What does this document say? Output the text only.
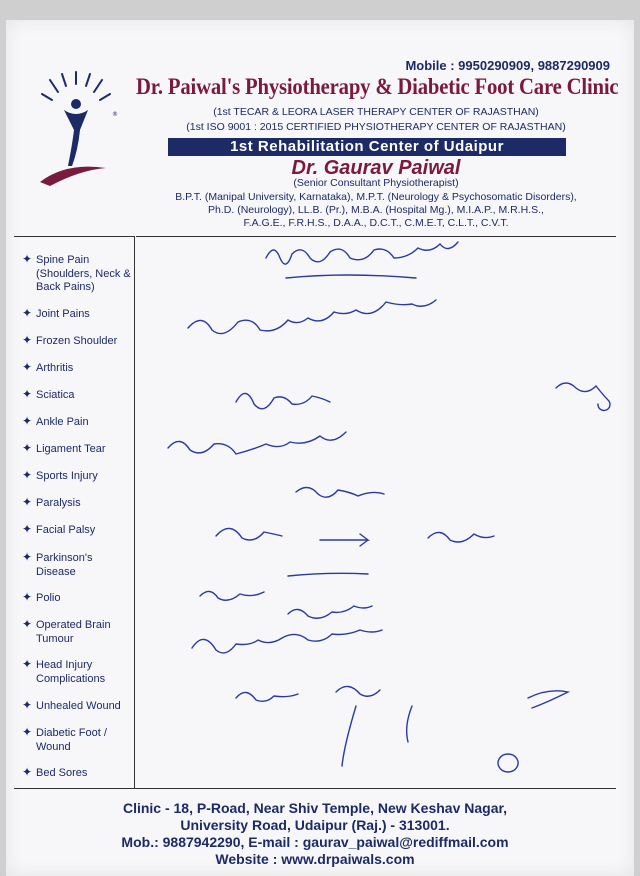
®
Mobile : 9950290909, 9887290909
Dr. Paiwal's Physiotherapy & Diabetic Foot Care Clinic
(1st TECAR & LEORA LASER THERAPY CENTER OF RAJASTHAN)
(1st ISO 9001 : 2015 CERTIFIED PHYSIOTHERAPY CENTER OF RAJASTHAN)
1st Rehabilitation Center of Udaipur
Dr. Gaurav Paiwal
(Senior Consultant Physiotherapist)
B.P.T. (Manipal University, Karnataka), M.P.T. (Neurology & Psychosomatic Disorders),
Ph.D. (Neurology), LL.B. (Pr.), M.B.A. (Hospital Mg.), M.I.A.P., M.R.H.S.,
F.A.G.E., F.R.H.S., D.A.A., D.C.T., C.M.E.T, C.L.T., C.V.T.
✦ Spine Pain (Shoulders, Neck & Back Pains)
✦ Joint Pains
✦ Frozen Shoulder
✦ Arthritis
✦ Sciatica
✦ Ankle Pain
✦ Ligament Tear
✦ Sports Injury
✦ Paralysis
✦ Facial Palsy
✦ Parkinson's Disease
✦ Polio
✦ Operated Brain Tumour
✦ Head Injury Complications
✦ Unhealed Wound
✦ Diabetic Foot / Wound
✦ Bed Sores
Clinic - 18, P-Road, Near Shiv Temple, New Keshav Nagar,
University Road, Udaipur (Raj.) - 313001.
Mob.: 9887942290, E-mail : gaurav_paiwal@rediffmail.com
Website : www.drpaiwals.com
